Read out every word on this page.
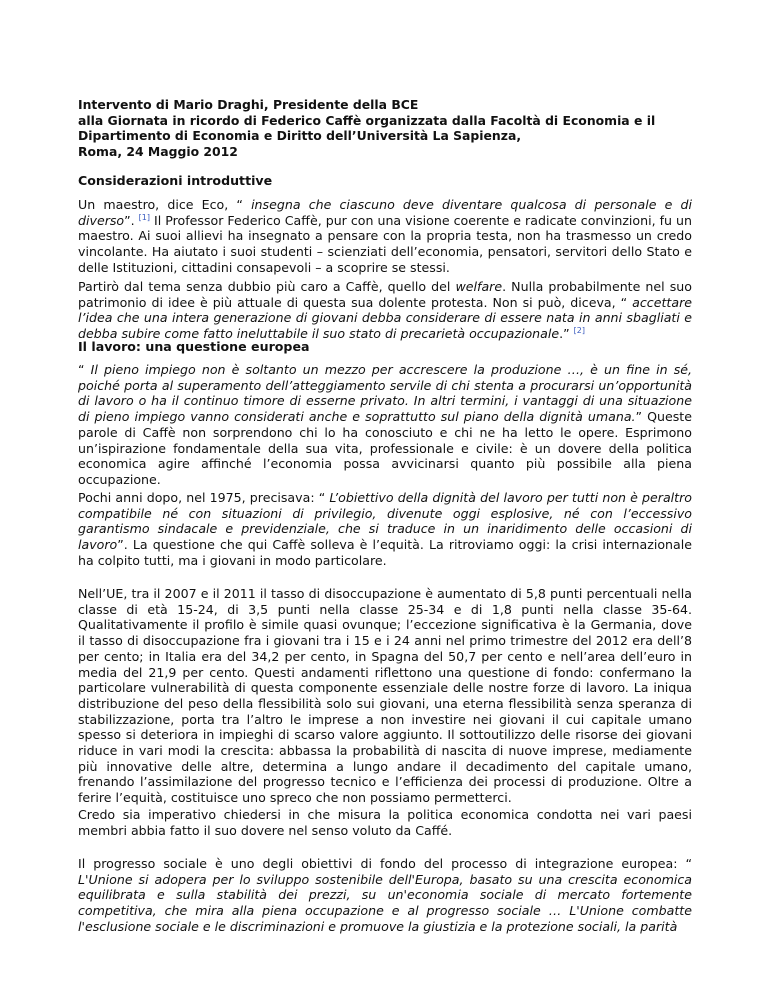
Intervento di Mario Draghi, Presidente della BCE
alla Giornata in ricordo di Federico Caffè organizzata dalla Facoltà di Economia e il
Dipartimento di Economia e Diritto dell’Università La Sapienza,
Roma, 24 Maggio 2012
Considerazioni introduttive

Un maestro, dice Eco, “ insegna che ciascuno deve diventare qualcosa di personale e di diverso”. [1] Il Professor Federico Caffè, pur con una visione coerente e radicate convinzioni, fu un maestro. Ai suoi allievi ha insegnato a pensare con la propria testa, non ha trasmesso un credo vincolante. Ha aiutato i suoi studenti – scienziati dell’economia, pensatori, servitori dello Stato e delle Istituzioni, cittadini consapevoli – a scoprire se stessi.

Partirò dal tema senza dubbio più caro a Caffè, quello del welfare. Nulla probabilmente nel suo patrimonio di idee è più attuale di questa sua dolente protesta. Non si può, diceva, “ accettare l’idea che una intera generazione di giovani debba considerare di essere nata in anni sbagliati e debba subire come fatto ineluttabile il suo stato di precarietà occupazionale.” [2]

Il lavoro: una questione europea

“ Il pieno impiego non è soltanto un mezzo per accrescere la produzione …, è un fine in sé, poiché porta al superamento dell’atteggiamento servile di chi stenta a procurarsi un’opportunità di lavoro o ha il continuo timore di esserne privato. In altri termini, i vantaggi di una situazione di pieno impiego vanno considerati anche e soprattutto sul piano della dignità umana.” Queste parole di Caffè non sorprendono chi lo ha conosciuto e chi ne ha letto le opere. Esprimono un’ispirazione fondamentale della sua vita, professionale e civile: è un dovere della politica economica agire affinché l’economia possa avvicinarsi quanto più possibile alla piena occupazione.

Pochi anni dopo, nel 1975, precisava: “ L’obiettivo della dignità del lavoro per tutti non è peraltro compatibile né con situazioni di privilegio, divenute oggi esplosive, né con l’eccessivo garantismo sindacale e previdenziale, che si traduce in un inaridimento delle occasioni di lavoro”. La questione che qui Caffè solleva è l’equità. La ritroviamo oggi: la crisi internazionale ha colpito tutti, ma i giovani in modo particolare.

Nell’UE, tra il 2007 e il 2011 il tasso di disoccupazione è aumentato di 5,8 punti percentuali nella classe di età 15-24, di 3,5 punti nella classe 25-34 e di 1,8 punti nella classe 35-64. Qualitativamente il profilo è simile quasi ovunque; l’eccezione significativa è la Germania, dove il tasso di disoccupazione fra i giovani tra i 15 e i 24 anni nel primo trimestre del 2012 era dell’8 per cento; in Italia era del 34,2 per cento, in Spagna del 50,7 per cento e nell’area dell’euro in media del 21,9 per cento. Questi andamenti riflettono una questione di fondo: confermano la particolare vulnerabilità di questa componente essenziale delle nostre forze di lavoro. La iniqua distribuzione del peso della flessibilità solo sui giovani, una eterna flessibilità senza speranza di stabilizzazione, porta tra l’altro le imprese a non investire nei giovani il cui capitale umano spesso si deteriora in impieghi di scarso valore aggiunto. Il sottoutilizzo delle risorse dei giovani riduce in vari modi la crescita: abbassa la probabilità di nascita di nuove imprese, mediamente più innovative delle altre, determina a lungo andare il decadimento del capitale umano, frenando l’assimilazione del progresso tecnico e l’efficienza dei processi di produzione. Oltre a ferire l’equità, costituisce uno spreco che non possiamo permetterci.

Credo sia imperativo chiedersi in che misura la politica economica condotta nei vari paesi membri abbia fatto il suo dovere nel senso voluto da Caffé.

Il progresso sociale è uno degli obiettivi di fondo del processo di integrazione europea: “ L'Unione si adopera per lo sviluppo sostenibile dell'Europa, basato su una crescita economica equilibrata e sulla stabilità dei prezzi, su un'economia sociale di mercato fortemente competitiva, che mira alla piena occupazione e al progresso sociale … L'Unione combatte l'esclusione sociale e le discriminazioni e promuove la giustizia e la protezione sociali, la parità
